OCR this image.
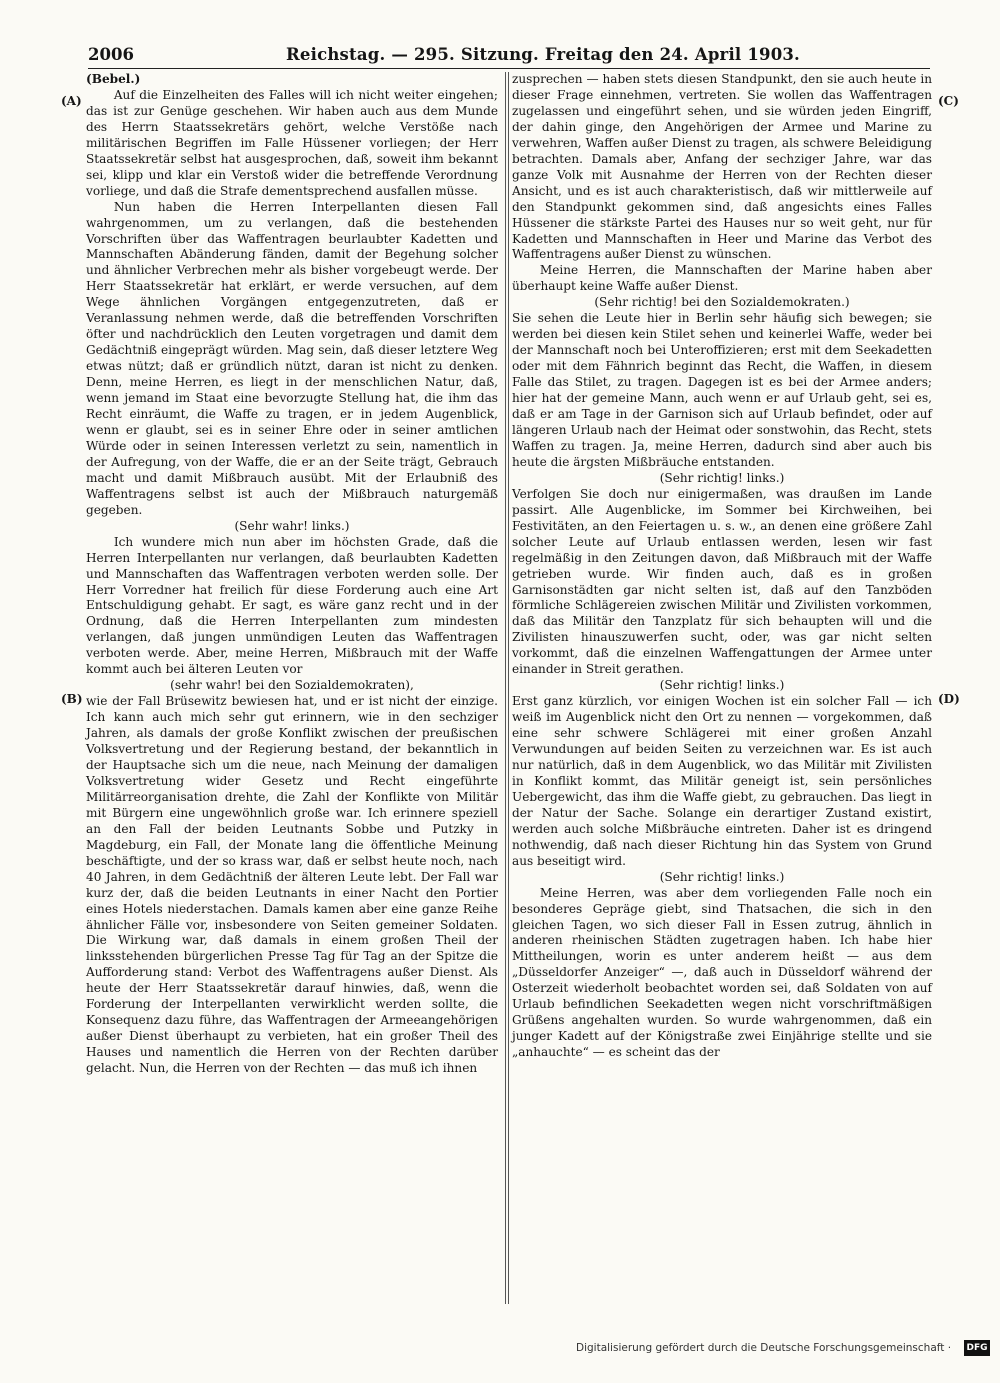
2006	Reichstag. — 295. Sitzung. Freitag den 24. April 1903.
(A)
(B)
(C)
(D)

(Bebel.)

Auf die Einzelheiten des Falles will ich nicht weiter eingehen; das ist zur Genüge geschehen. Wir haben auch aus dem Munde des Herrn Staatssekretärs gehört, welche Verstöße nach militärischen Begriffen im Falle Hüssener vorliegen; der Herr Staatssekretär selbst hat ausgesprochen, daß, soweit ihm bekannt sei, klipp und klar ein Verstoß wider die betreffende Verordnung vorliege, und daß die Strafe dementsprechend ausfallen müsse.

Nun haben die Herren Interpellanten diesen Fall wahrgenommen, um zu verlangen, daß die bestehenden Vorschriften über das Waffentragen beurlaubter Kadetten und Mannschaften Abänderung fänden, damit der Begehung solcher und ähnlicher Verbrechen mehr als bisher vorgebeugt werde. Der Herr Staatssekretär hat erklärt, er werde versuchen, auf dem Wege ähnlichen Vorgängen entgegenzutreten, daß er Veranlassung nehmen werde, daß die betreffenden Vorschriften öfter und nachdrücklich den Leuten vorgetragen und damit dem Gedächtniß eingeprägt würden. Mag sein, daß dieser letztere Weg etwas nützt; daß er gründlich nützt, daran ist nicht zu denken. Denn, meine Herren, es liegt in der menschlichen Natur, daß, wenn jemand im Staat eine bevorzugte Stellung hat, die ihm das Recht einräumt, die Waffe zu tragen, er in jedem Augenblick, wenn er glaubt, sei es in seiner Ehre oder in seiner amtlichen Würde oder in seinen Interessen verletzt zu sein, namentlich in der Aufregung, von der Waffe, die er an der Seite trägt, Gebrauch macht und damit Mißbrauch ausübt. Mit der Erlaubniß des Waffentragens selbst ist auch der Mißbrauch naturgemäß gegeben.

(Sehr wahr! links.)

Ich wundere mich nun aber im höchsten Grade, daß die Herren Interpellanten nur verlangen, daß beurlaubten Kadetten und Mannschaften das Waffentragen verboten werden solle. Der Herr Vorredner hat freilich für diese Forderung auch eine Art Entschuldigung gehabt. Er sagt, es wäre ganz recht und in der Ordnung, daß die Herren Interpellanten zum mindesten verlangen, daß jungen unmündigen Leuten das Waffentragen verboten werde. Aber, meine Herren, Mißbrauch mit der Waffe kommt auch bei älteren Leuten vor

(sehr wahr! bei den Sozialdemokraten),

wie der Fall Brüsewitz bewiesen hat, und er ist nicht der einzige. Ich kann auch mich sehr gut erinnern, wie in den sechziger Jahren, als damals der große Konflikt zwischen der preußischen Volksvertretung und der Regierung bestand, der bekanntlich in der Hauptsache sich um die neue, nach Meinung der damaligen Volksvertretung wider Gesetz und Recht eingeführte Militärreorganisation drehte, die Zahl der Konflikte von Militär mit Bürgern eine ungewöhnlich große war. Ich erinnere speziell an den Fall der beiden Leutnants Sobbe und Putzky in Magdeburg, ein Fall, der Monate lang die öffentliche Meinung beschäftigte, und der so krass war, daß er selbst heute noch, nach 40 Jahren, in dem Gedächtniß der älteren Leute lebt. Der Fall war kurz der, daß die beiden Leutnants in einer Nacht den Portier eines Hotels niederstachen. Damals kamen aber eine ganze Reihe ähnlicher Fälle vor, insbesondere von Seiten gemeiner Soldaten. Die Wirkung war, daß damals in einem großen Theil der linksstehenden bürgerlichen Presse Tag für Tag an der Spitze die Aufforderung stand: Verbot des Waffentragens außer Dienst. Als heute der Herr Staatssekretär darauf hinwies, daß, wenn die Forderung der Interpellanten verwirklicht werden sollte, die Konsequenz dazu führe, das Waffentragen der Armeeangehörigen außer Dienst überhaupt zu verbieten, hat ein großer Theil des Hauses und namentlich die Herren von der Rechten darüber gelacht. Nun, die Herren von der Rechten — das muß ich ihnen

zusprechen — haben stets diesen Standpunkt, den sie auch heute in dieser Frage einnehmen, vertreten. Sie wollen das Waffentragen zugelassen und eingeführt sehen, und sie würden jeden Eingriff, der dahin ginge, den Angehörigen der Armee und Marine zu verwehren, Waffen außer Dienst zu tragen, als schwere Beleidigung betrachten. Damals aber, Anfang der sechziger Jahre, war das ganze Volk mit Ausnahme der Herren von der Rechten dieser Ansicht, und es ist auch charakteristisch, daß wir mittlerweile auf den Standpunkt gekommen sind, daß angesichts eines Falles Hüssener die stärkste Partei des Hauses nur so weit geht, nur für Kadetten und Mannschaften in Heer und Marine das Verbot des Waffentragens außer Dienst zu wünschen.

Meine Herren, die Mannschaften der Marine haben aber überhaupt keine Waffe außer Dienst.

(Sehr richtig! bei den Sozialdemokraten.)

Sie sehen die Leute hier in Berlin sehr häufig sich bewegen; sie werden bei diesen kein Stilet sehen und keinerlei Waffe, weder bei der Mannschaft noch bei Unteroffizieren; erst mit dem Seekadetten oder mit dem Fähnrich beginnt das Recht, die Waffen, in diesem Falle das Stilet, zu tragen. Dagegen ist es bei der Armee anders; hier hat der gemeine Mann, auch wenn er auf Urlaub geht, sei es, daß er am Tage in der Garnison sich auf Urlaub befindet, oder auf längeren Urlaub nach der Heimat oder sonstwohin, das Recht, stets Waffen zu tragen. Ja, meine Herren, dadurch sind aber auch bis heute die ärgsten Mißbräuche entstanden.

(Sehr richtig! links.)

Verfolgen Sie doch nur einigermaßen, was draußen im Lande passirt. Alle Augenblicke, im Sommer bei Kirchweihen, bei Festivitäten, an den Feiertagen u. s. w., an denen eine größere Zahl solcher Leute auf Urlaub entlassen werden, lesen wir fast regelmäßig in den Zeitungen davon, daß Mißbrauch mit der Waffe getrieben wurde. Wir finden auch, daß es in großen Garnisonstädten gar nicht selten ist, daß auf den Tanzböden förmliche Schlägereien zwischen Militär und Zivilisten vorkommen, daß das Militär den Tanzplatz für sich behaupten will und die Zivilisten hinauszuwerfen sucht, oder, was gar nicht selten vorkommt, daß die einzelnen Waffengattungen der Armee unter einander in Streit gerathen.

(Sehr richtig! links.)

Erst ganz kürzlich, vor einigen Wochen ist ein solcher Fall — ich weiß im Augenblick nicht den Ort zu nennen — vorgekommen, daß eine sehr schwere Schlägerei mit einer großen Anzahl Verwundungen auf beiden Seiten zu verzeichnen war. Es ist auch nur natürlich, daß in dem Augenblick, wo das Militär mit Zivilisten in Konflikt kommt, das Militär geneigt ist, sein persönliches Uebergewicht, das ihm die Waffe giebt, zu gebrauchen. Das liegt in der Natur der Sache. Solange ein derartiger Zustand existirt, werden auch solche Mißbräuche eintreten. Daher ist es dringend nothwendig, daß nach dieser Richtung hin das System von Grund aus beseitigt wird.

(Sehr richtig! links.)

Meine Herren, was aber dem vorliegenden Falle noch ein besonderes Gepräge giebt, sind Thatsachen, die sich in den gleichen Tagen, wo sich dieser Fall in Essen zutrug, ähnlich in anderen rheinischen Städten zugetragen haben. Ich habe hier Mittheilungen, worin es unter anderem heißt — aus dem „Düsseldorfer Anzeiger“ —, daß auch in Düsseldorf während der Osterzeit wiederholt beobachtet worden sei, daß Soldaten von auf Urlaub befindlichen Seekadetten wegen nicht vorschriftmäßigen Grüßens angehalten wurden. So wurde wahrgenommen, daß ein junger Kadett auf der Königstraße zwei Einjährige stellte und sie „anhauchte“ — es scheint das der

Digitalisierung gefördert durch die Deutsche Forschungsgemeinschaft · DFG
